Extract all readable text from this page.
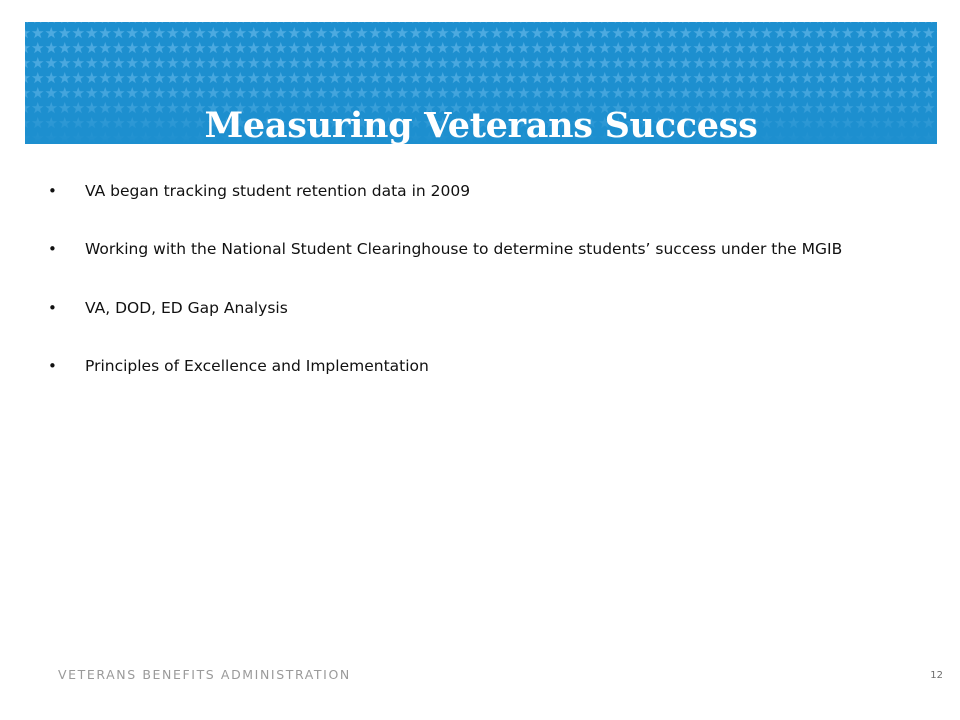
Measuring Veterans Success
• VA began tracking student retention data in 2009
• Working with the National Student Clearinghouse to determine students’ success under the MGIB
• VA, DOD, ED Gap Analysis
• Principles of Excellence and Implementation
VETERANS BENEFITS ADMINISTRATION	12
